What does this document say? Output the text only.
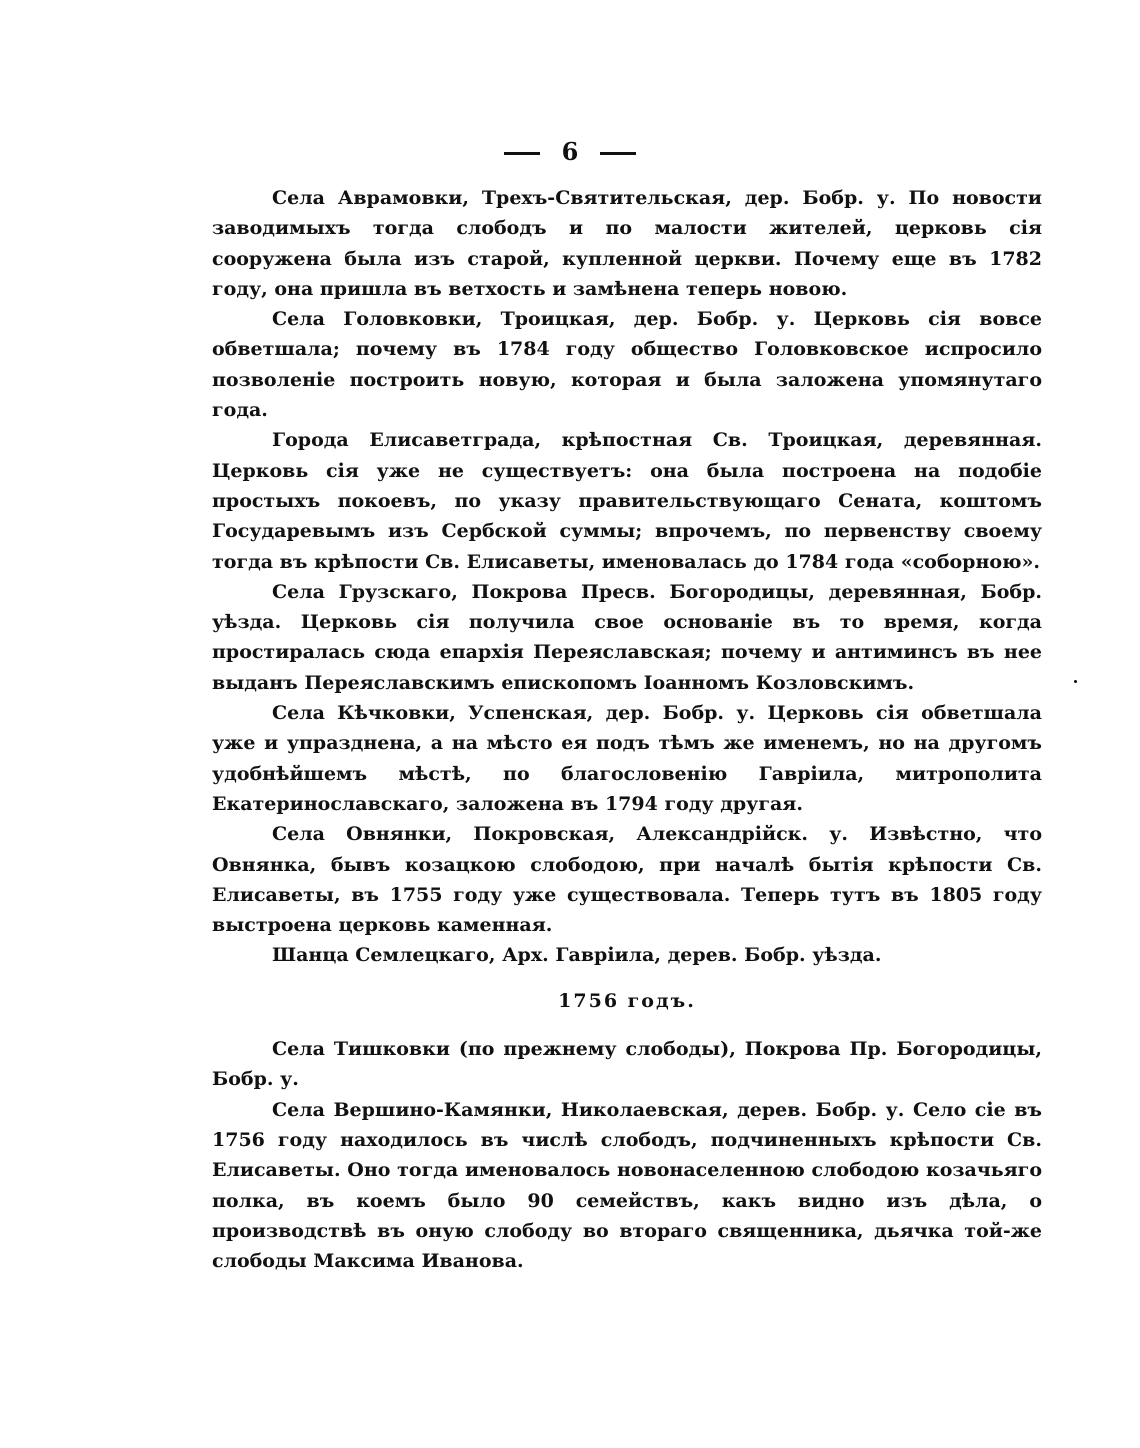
6

Села Аврамовки, Трехъ-Святительская, дер. Бобр. у. По новости заводимыхъ тогда слободъ и по малости жителей, церковь сія сооружена была изъ старой, купленной церкви. Почему еще въ 1782 году, она пришла въ ветхость и замѣнена теперь новою.

Села Головковки, Троицкая, дер. Бобр. у. Церковь сія вовсе обветшала; почему въ 1784 году общество Головковское испросило позволеніе построить новую, которая и была заложена упомянутаго года.

Города Елисаветграда, крѣпостная Св. Троицкая, деревянная. Церковь сія уже не существуетъ: она была построена на подобіе простыхъ покоевъ, по указу правительствующаго Сената, коштомъ Государевымъ изъ Сербской суммы; впрочемъ, по первенству своему тогда въ крѣпости Св. Елисаветы, именовалась до 1784 года «соборною».

Села Грузскаго, Покрова Пресв. Богородицы, деревянная, Бобр. уѣзда. Церковь сія получила свое основаніе въ то время, когда простиралась сюда епархія Переяславская; почему и антиминсъ въ нее выданъ Переяславскимъ епископомъ Іоанномъ Козловскимъ.

Села Кѣчковки, Успенская, дер. Бобр. у. Церковь сія обветшала уже и упразднена, а на мѣсто ея подъ тѣмъ же именемъ, но на другомъ удобнѣйшемъ мѣстѣ, по благословенію Гавріила, митрополита Екатеринославскаго, заложена въ 1794 году другая.

Села Овнянки, Покровская, Александрійск. у. Извѣстно, что Овнянка, бывъ козацкою слободою, при началѣ бытія крѣпости Св. Елисаветы, въ 1755 году уже существовала. Теперь тутъ въ 1805 году выстроена церковь каменная.

Шанца Семлецкаго, Арх. Гавріила, дерев. Бобр. уѣзда.

1756 годъ.

Села Тишковки (по прежнему слободы), Покрова Пр. Богородицы, Бобр. у.

Села Вершино-Камянки, Николаевская, дерев. Бобр. у. Село сіе въ 1756 году находилось въ числѣ слободъ, подчиненныхъ крѣпости Св. Елисаветы. Оно тогда именовалось новонаселенною слободою козачьяго полка, въ коемъ было 90 семействъ, какъ видно изъ дѣла, о производствѣ въ оную слободу во втораго священника, дьячка той-же слободы Максима Иванова.
